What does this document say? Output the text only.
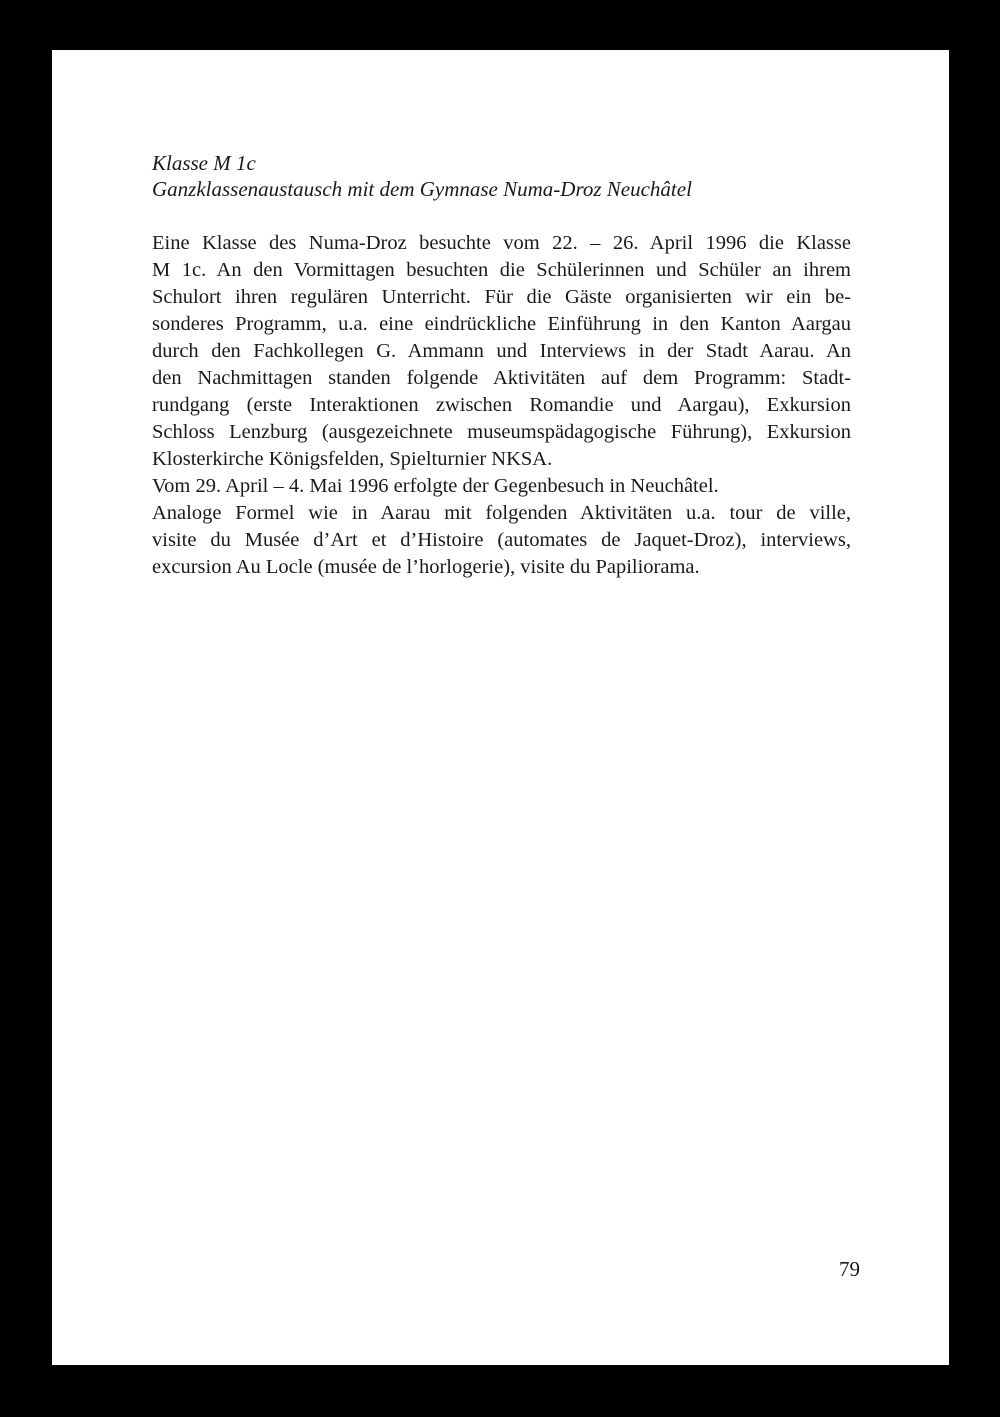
Klasse M 1c
Ganzklassenaustausch mit dem Gymnase Numa-Droz Neuchâtel
Eine Klasse des Numa-Droz besuchte vom 22. – 26. April 1996 die Klasse
M 1c. An den Vormittagen besuchten die Schülerinnen und Schüler an ihrem
Schulort ihren regulären Unterricht. Für die Gäste organisierten wir ein be-
sonderes Programm, u.a. eine eindrückliche Einführung in den Kanton Aargau
durch den Fachkollegen G. Ammann und Interviews in der Stadt Aarau. An
den Nachmittagen standen folgende Aktivitäten auf dem Programm: Stadt-
rundgang (erste Interaktionen zwischen Romandie und Aargau), Exkursion
Schloss Lenzburg (ausgezeichnete museumspädagogische Führung), Exkursion
Klosterkirche Königsfelden, Spielturnier NKSA.
Vom 29. April – 4. Mai 1996 erfolgte der Gegenbesuch in Neuchâtel.
Analoge Formel wie in Aarau mit folgenden Aktivitäten u.a. tour de ville,
visite du Musée d’Art et d’Histoire (automates de Jaquet-Droz), interviews,
excursion Au Locle (musée de l’horlogerie), visite du Papiliorama.
79
